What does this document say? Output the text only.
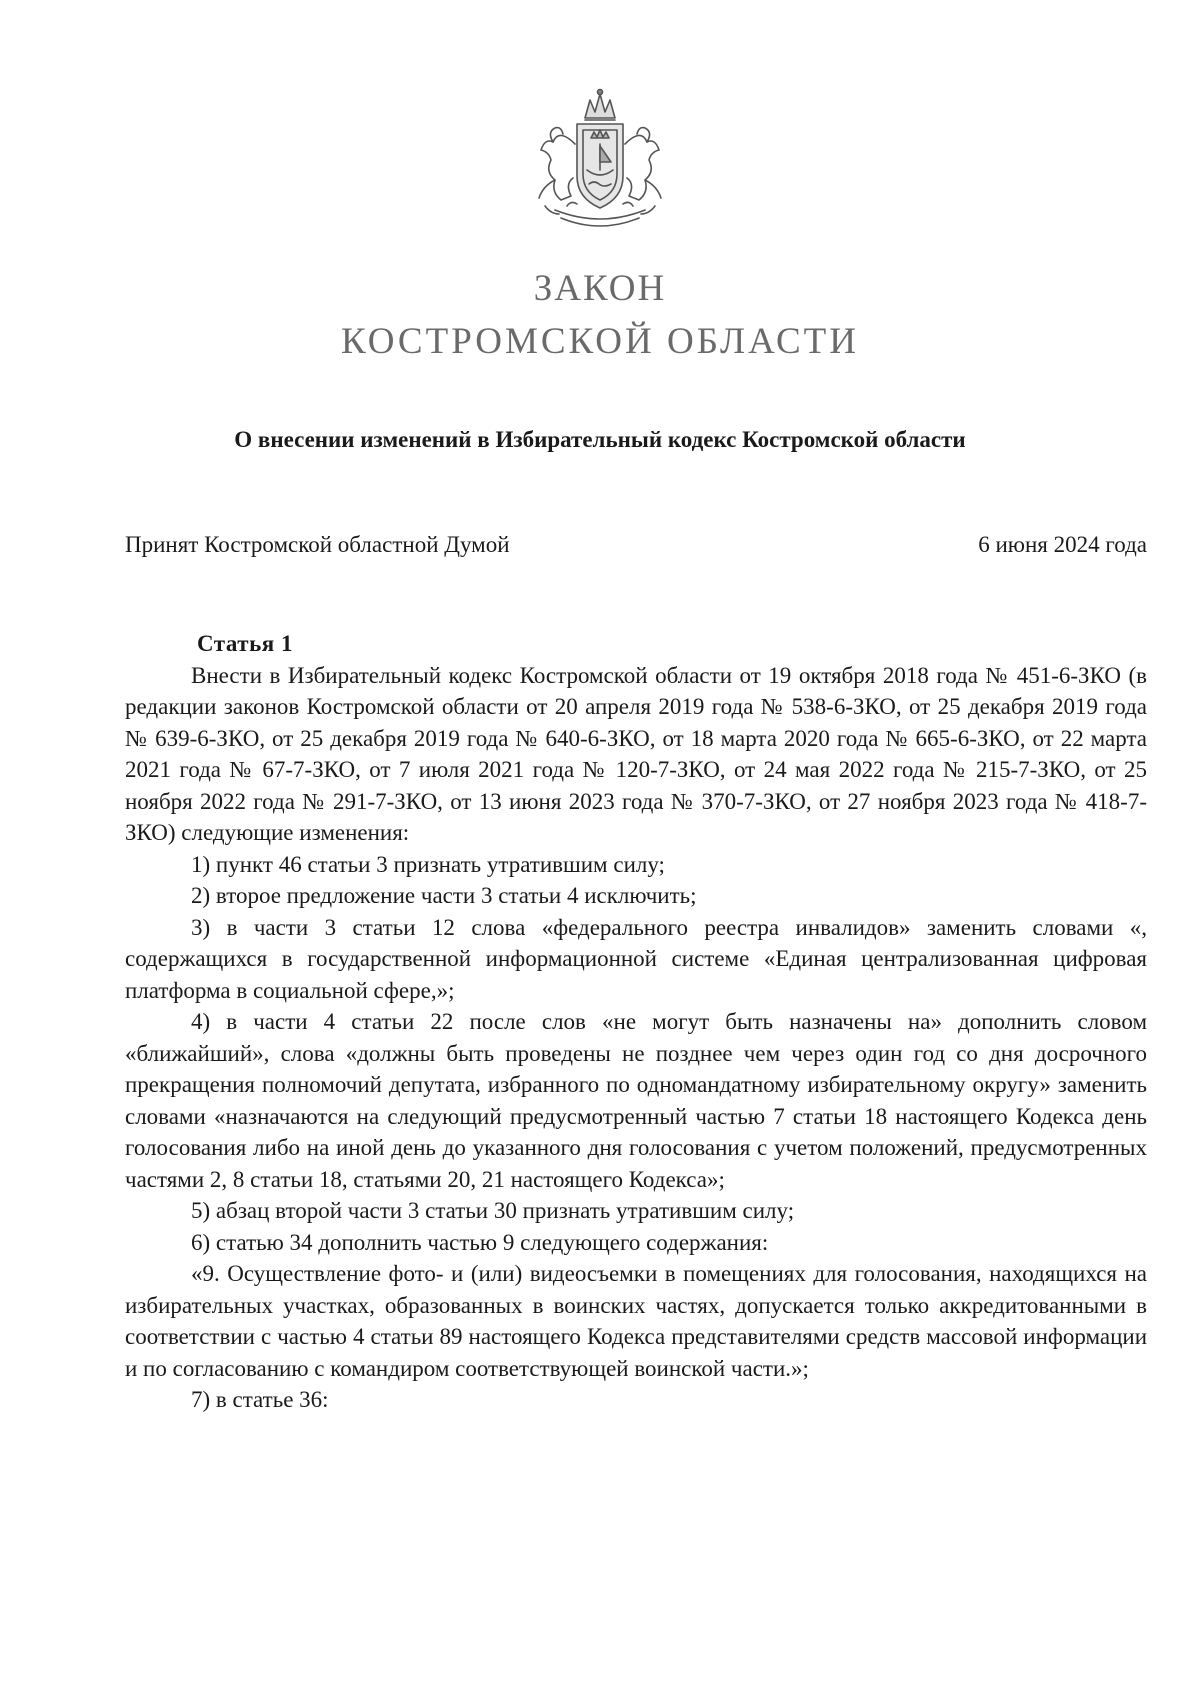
ЗАКОН
КОСТРОМСКОЙ ОБЛАСТИ
О внесении изменений в Избирательный кодекс Костромской области
Принят Костромской областной Думой	6 июня 2024 года

Статья 1

Внести в Избирательный кодекс Костромской области от 19 октября 2018 года № 451-6-ЗКО (в редакции законов Костромской области от 20 апреля 2019 года № 538-6-ЗКО, от 25 декабря 2019 года № 639-6-ЗКО, от 25 декабря 2019 года № 640-6-ЗКО, от 18 марта 2020 года № 665-6-ЗКО, от 22 марта 2021 года № 67-7-ЗКО, от 7 июля 2021 года № 120-7-ЗКО, от 24 мая 2022 года № 215-7-ЗКО, от 25 ноября 2022 года № 291-7-ЗКО, от 13 июня 2023 года № 370-7-ЗКО, от 27 ноября 2023 года № 418-7-ЗКО) следующие изменения:

1) пункт 46 статьи 3 признать утратившим силу;

2) второе предложение части 3 статьи 4 исключить;

3) в части 3 статьи 12 слова «федерального реестра инвалидов» заменить словами «, содержащихся в государственной информационной системе «Единая централизованная цифровая платформа в социальной сфере,»;

4) в части 4 статьи 22 после слов «не могут быть назначены на» дополнить словом «ближайший», слова «должны быть проведены не позднее чем через один год со дня досрочного прекращения полномочий депутата, избранного по одномандатному избирательному округу» заменить словами «назначаются на следующий предусмотренный частью 7 статьи 18 настоящего Кодекса день голосования либо на иной день до указанного дня голосования с учетом положений, предусмотренных частями 2, 8 статьи 18, статьями 20, 21 настоящего Кодекса»;

5) абзац второй части 3 статьи 30 признать утратившим силу;

6) статью 34 дополнить частью 9 следующего содержания:

«9. Осуществление фото- и (или) видеосъемки в помещениях для голосования, находящихся на избирательных участках, образованных в воинских частях, допускается только аккредитованными в соответствии с частью 4 статьи 89 настоящего Кодекса представителями средств массовой информации и по согласованию с командиром соответствующей воинской части.»;

7) в статье 36:
